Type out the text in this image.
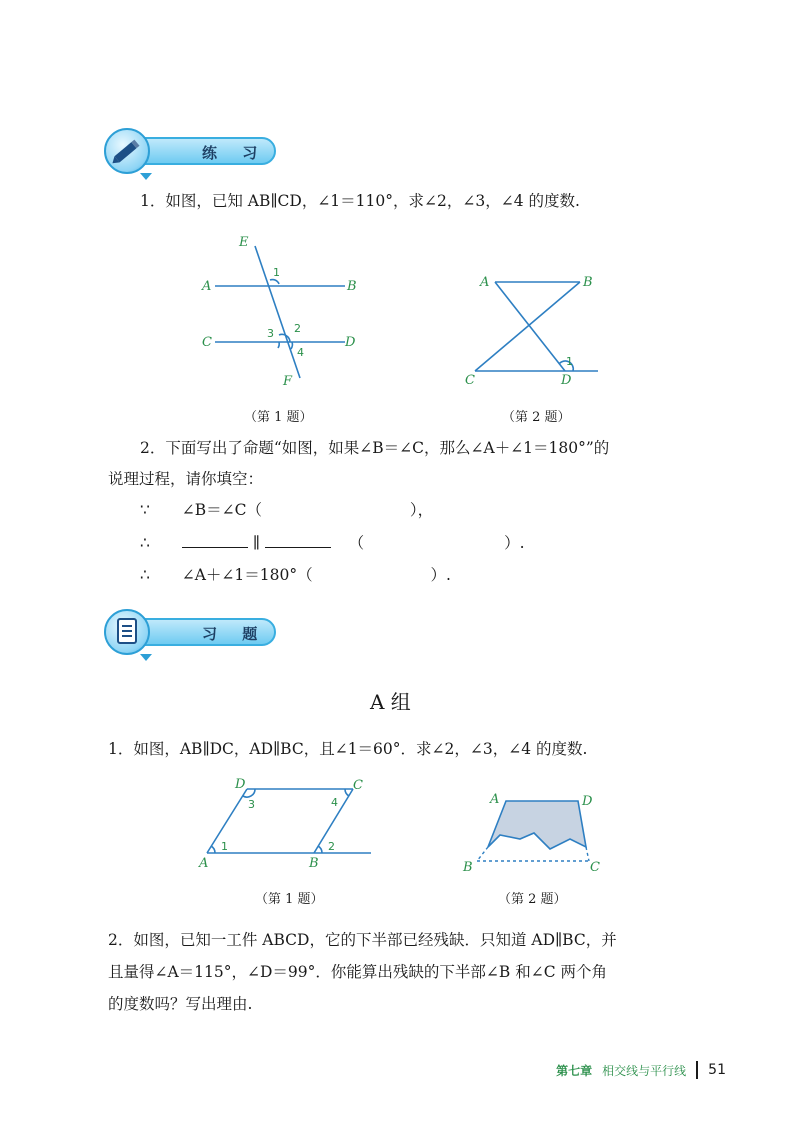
练 习
1．如图，已知 AB∥CD，∠1＝110°，求∠2，∠3，∠4 的度数.
E
1
A	B
C
3 2
D
4
F
（第 1 题）
A	B
C	D
1
（第 2 题）
2．下面写出了命题“如图，如果∠B＝∠C，那么∠A＋∠1＝180°”的
说理过程，请你填空：
∵ ∠B＝∠C（	），
∴	∥	（	）.
∴ ∠A＋∠1＝180°（	）.
习 题
A 组
1．如图，AB∥DC，AD∥BC，且∠1＝60°．求∠2，∠3，∠4 的度数.
D	C
3	4
A
1
B
2
（第 1 题）
A	D
B	C
（第 2 题）
2．如图，已知一工件 ABCD，它的下半部已经残缺．只知道 AD∥BC，并
且量得∠A＝115°，∠D＝99°．你能算出残缺的下半部∠B 和∠C 两个角
的度数吗？写出理由.
第七章 相交线与平行线 51
